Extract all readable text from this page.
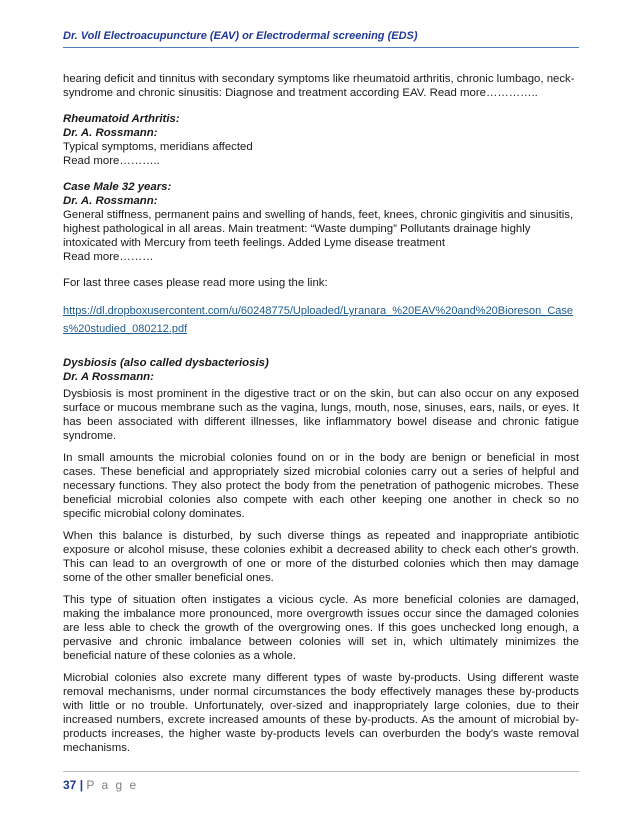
Dr. Voll Electroacupuncture (EAV) or Electrodermal screening (EDS)

hearing deficit and tinnitus with secondary symptoms like rheumatoid arthritis, chronic lumbago, neck-syndrome and chronic sinusitis: Diagnose and treatment according EAV. Read more…………..

Rheumatoid Arthritis:

Dr. A. Rossmann:

Typical symptoms, meridians affected

Read more………..

Case Male 32 years:

Dr. A. Rossmann:

General stiffness, permanent pains and swelling of hands, feet, knees, chronic gingivitis and sinusitis, highest pathological in all areas. Main treatment: “Waste dumping” Pollutants drainage highly intoxicated with Mercury from teeth feelings. Added Lyme disease treatment

Read more………

For last three cases please read more using the link:

https://dl.dropboxusercontent.com/u/60248775/Uploaded/Lyranara_%20EAV%20and%20Bioreson_Cases%20studied_080212.pdf

Dysbiosis (also called dysbacteriosis)

Dr. A Rossmann:

Dysbiosis is most prominent in the digestive tract or on the skin, but can also occur on any exposed surface or mucous membrane such as the vagina, lungs, mouth, nose, sinuses, ears, nails, or eyes. It has been associated with different illnesses, like inflammatory bowel disease and chronic fatigue syndrome.

In small amounts the microbial colonies found on or in the body are benign or beneficial in most cases. These beneficial and appropriately sized microbial colonies carry out a series of helpful and necessary functions. They also protect the body from the penetration of pathogenic microbes. These beneficial microbial colonies also compete with each other keeping one another in check so no specific microbial colony dominates.

When this balance is disturbed, by such diverse things as repeated and inappropriate antibiotic exposure or alcohol misuse, these colonies exhibit a decreased ability to check each other's growth. This can lead to an overgrowth of one or more of the disturbed colonies which then may damage some of the other smaller beneficial ones.

This type of situation often instigates a vicious cycle. As more beneficial colonies are damaged, making the imbalance more pronounced, more overgrowth issues occur since the damaged colonies are less able to check the growth of the overgrowing ones. If this goes unchecked long enough, a pervasive and chronic imbalance between colonies will set in, which ultimately minimizes the beneficial nature of these colonies as a whole.

Microbial colonies also excrete many different types of waste by-products. Using different waste removal mechanisms, under normal circumstances the body effectively manages these by-products with little or no trouble. Unfortunately, over-sized and inappropriately large colonies, due to their increased numbers, excrete increased amounts of these by-products. As the amount of microbial by-products increases, the higher waste by-products levels can overburden the body's waste removal mechanisms.

37 | P a g e
